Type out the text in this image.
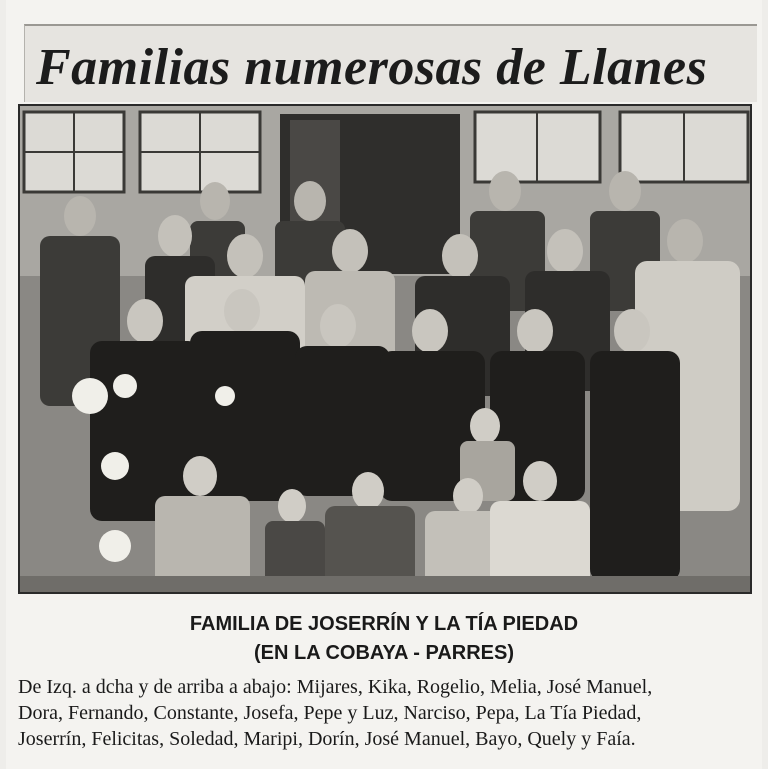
Familias numerosas de Llanes
FAMILIA DE JOSERRÍN Y LA TÍA PIEDAD
(EN LA COBAYA - PARRES)
De Izq. a dcha y de arriba a abajo: Mijares, Kika, Rogelio, Melia, José Manuel,
Dora, Fernando, Constante, Josefa, Pepe y Luz, Narciso, Pepa, La Tía Piedad,
Joserrín, Felicitas, Soledad, Maripi, Dorín, José Manuel, Bayo, Quely y Faía.
